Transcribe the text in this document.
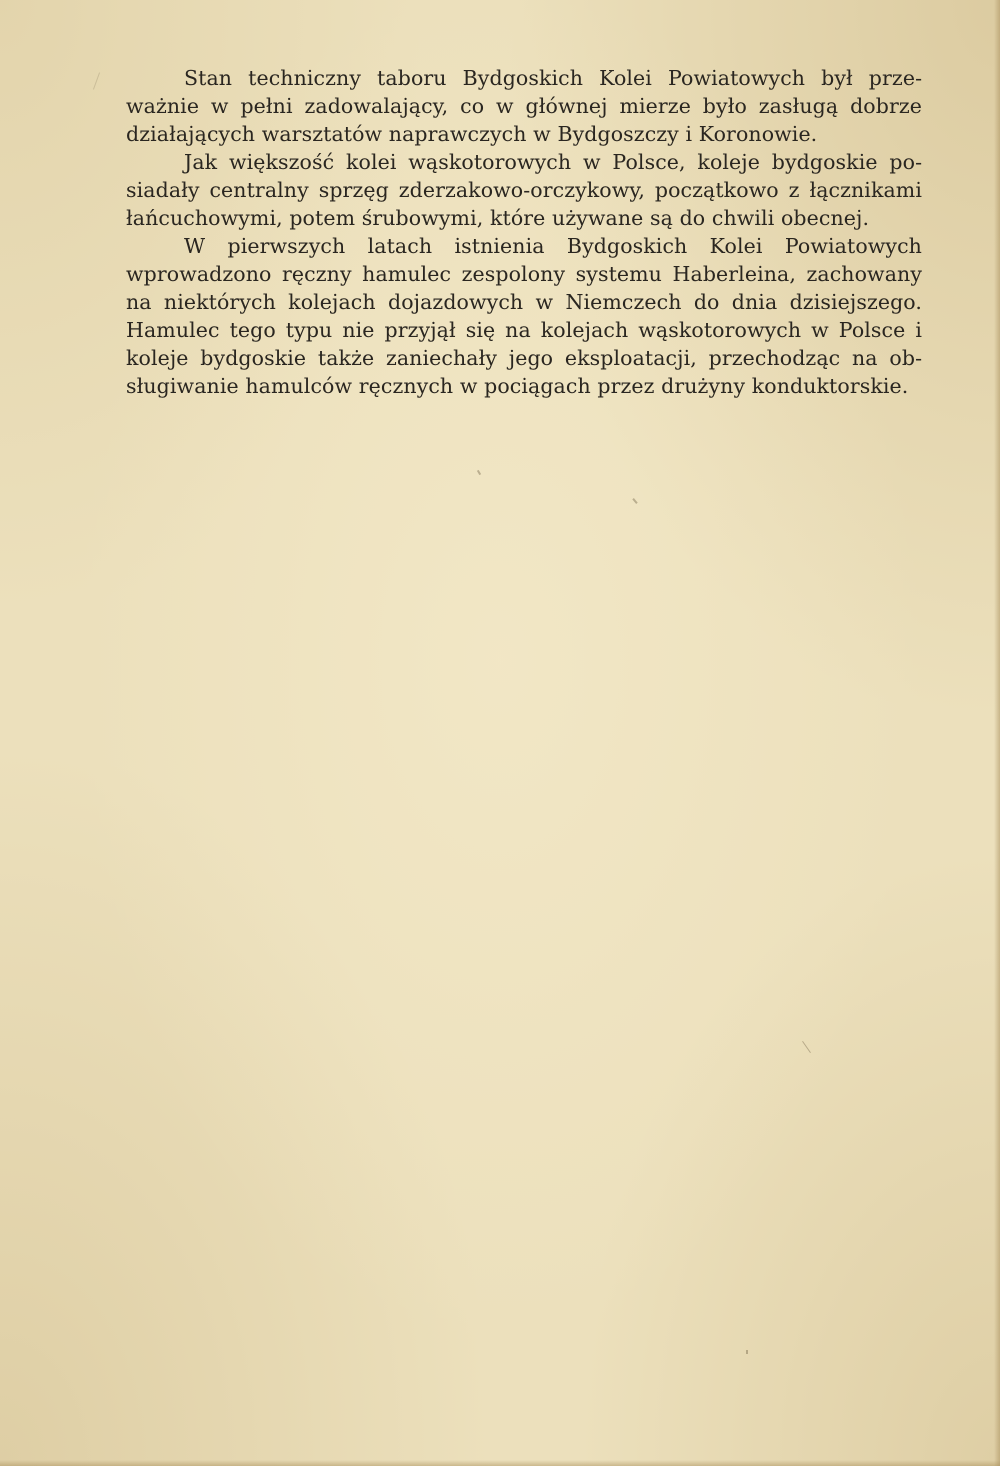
Stan techniczny taboru Bydgoskich Kolei Powiatowych był przeważnie w pełni zadowalający, co w głównej mierze było zasługą dobrze działających warsztatów naprawczych w Bydgoszczy i Koronowie.

Jak większość kolei wąskotorowych w Polsce, koleje bydgoskie posiadały centralny sprzęg zderzakowo-orczykowy, początkowo z łącznikami łańcuchowymi, potem śrubowymi, które używane są do chwili obecnej.

W pierwszych latach istnienia Bydgoskich Kolei Powiatowych wprowadzono ręczny hamulec zespolony systemu Haberleina, zachowany na niektórych kolejach dojazdowych w Niemczech do dnia dzisiejszego. Hamulec tego typu nie przyjął się na kolejach wąskotorowych w Polsce i koleje bydgoskie także zaniechały jego eksploatacji, przechodząc na obsługiwanie hamulców ręcznych w pociągach przez drużyny konduktorskie.
